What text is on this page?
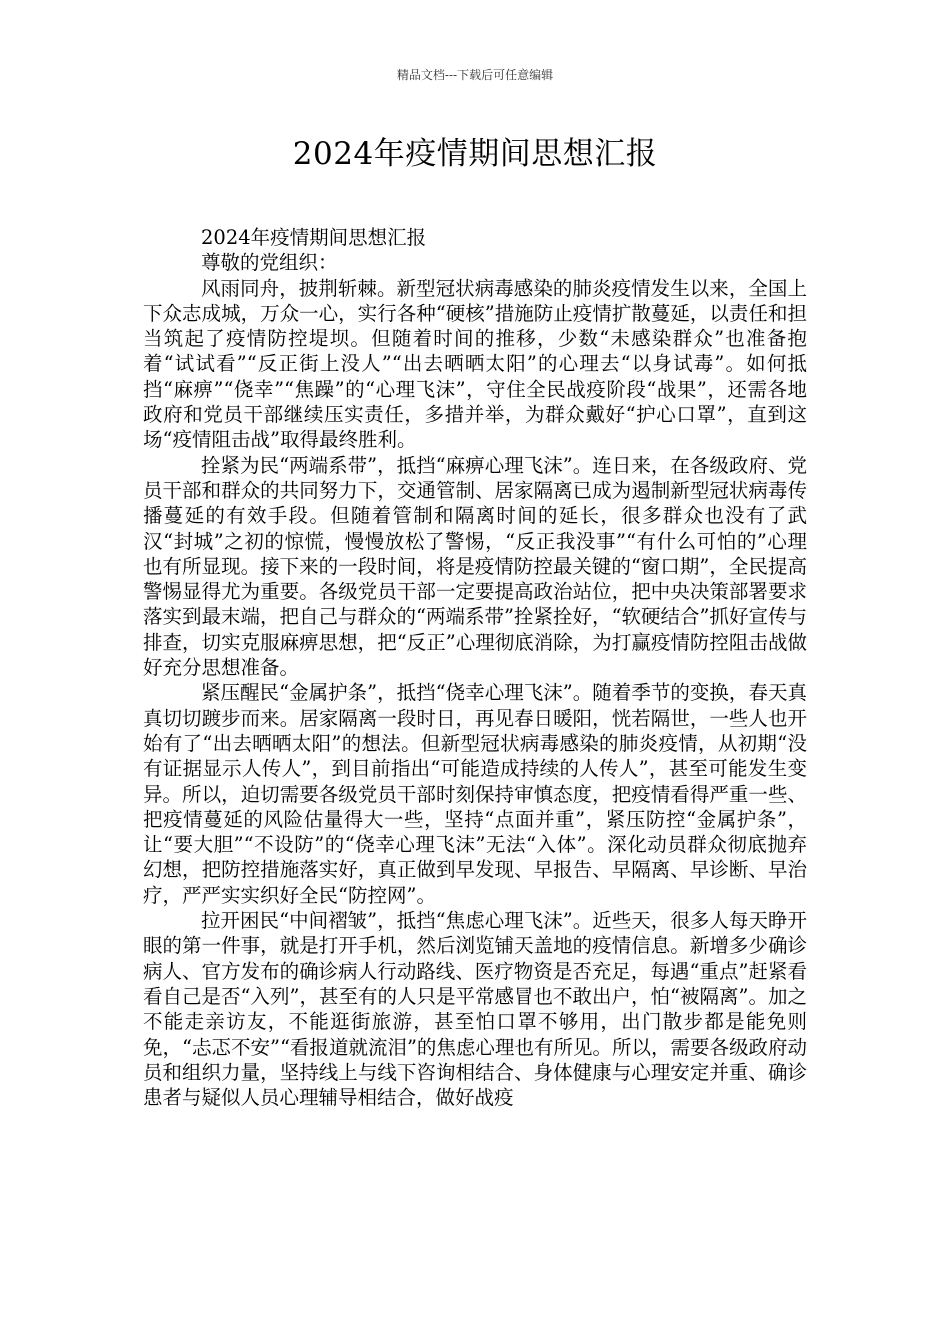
精品文档---下载后可任意编辑
2024年疫情期间思想汇报

2024年疫情期间思想汇报

尊敬的党组织：

风雨同舟，披荆斩棘。新型冠状病毒感染的肺炎疫情发生以来，全国上下众志成城，万众一心，实行各种“硬核”措施防止疫情扩散蔓延，以责任和担当筑起了疫情防控堤坝。但随着时间的推移，少数“未感染群众”也准备抱着“试试看”“反正街上没人”“出去晒晒太阳”的心理去“以身试毒”。如何抵挡“麻痹”“侥幸”“焦躁”的“心理飞沫”，守住全民战疫阶段“战果”，还需各地政府和党员干部继续压实责任，多措并举，为群众戴好“护心口罩”，直到这场“疫情阻击战”取得最终胜利。

拴紧为民“两端系带”，抵挡“麻痹心理飞沫”。连日来，在各级政府、党员干部和群众的共同努力下，交通管制、居家隔离已成为遏制新型冠状病毒传播蔓延的有效手段。但随着管制和隔离时间的延长，很多群众也没有了武汉“封城”之初的惊慌，慢慢放松了警惕，“反正我没事”“有什么可怕的”心理也有所显现。接下来的一段时间，将是疫情防控最关键的“窗口期”，全民提高警惕显得尤为重要。各级党员干部一定要提高政治站位，把中央决策部署要求落实到最末端，把自己与群众的“两端系带”拴紧拴好，“软硬结合”抓好宣传与排查，切实克服麻痹思想，把“反正”心理彻底消除，为打赢疫情防控阻击战做好充分思想准备。

紧压醒民“金属护条”，抵挡“侥幸心理飞沫”。随着季节的变换，春天真真切切踱步而来。居家隔离一段时日，再见春日暖阳，恍若隔世，一些人也开始有了“出去晒晒太阳”的想法。但新型冠状病毒感染的肺炎疫情，从初期“没有证据显示人传人”，到目前指出“可能造成持续的人传人”，甚至可能发生变异。所以，迫切需要各级党员干部时刻保持审慎态度，把疫情看得严重一些、把疫情蔓延的风险估量得大一些，坚持“点面并重”，紧压防控“金属护条”，让“要大胆”“不设防”的“侥幸心理飞沫”无法“入体”。深化动员群众彻底抛弃幻想，把防控措施落实好，真正做到早发现、早报告、早隔离、早诊断、早治疗，严严实实织好全民“防控网”。

拉开困民“中间褶皱”，抵挡“焦虑心理飞沫”。近些天，很多人每天睁开眼的第一件事，就是打开手机，然后浏览铺天盖地的疫情信息。新增多少确诊病人、官方发布的确诊病人行动路线、医疗物资是否充足，每遇“重点”赶紧看看自己是否“入列”，甚至有的人只是平常感冒也不敢出户，怕“被隔离”。加之不能走亲访友，不能逛街旅游，甚至怕口罩不够用，出门散步都是能免则免，“忐忑不安”“看报道就流泪”的焦虑心理也有所见。所以，需要各级政府动员和组织力量，坚持线上与线下咨询相结合、身体健康与心理安定并重、确诊患者与疑似人员心理辅导相结合，做好战疫
